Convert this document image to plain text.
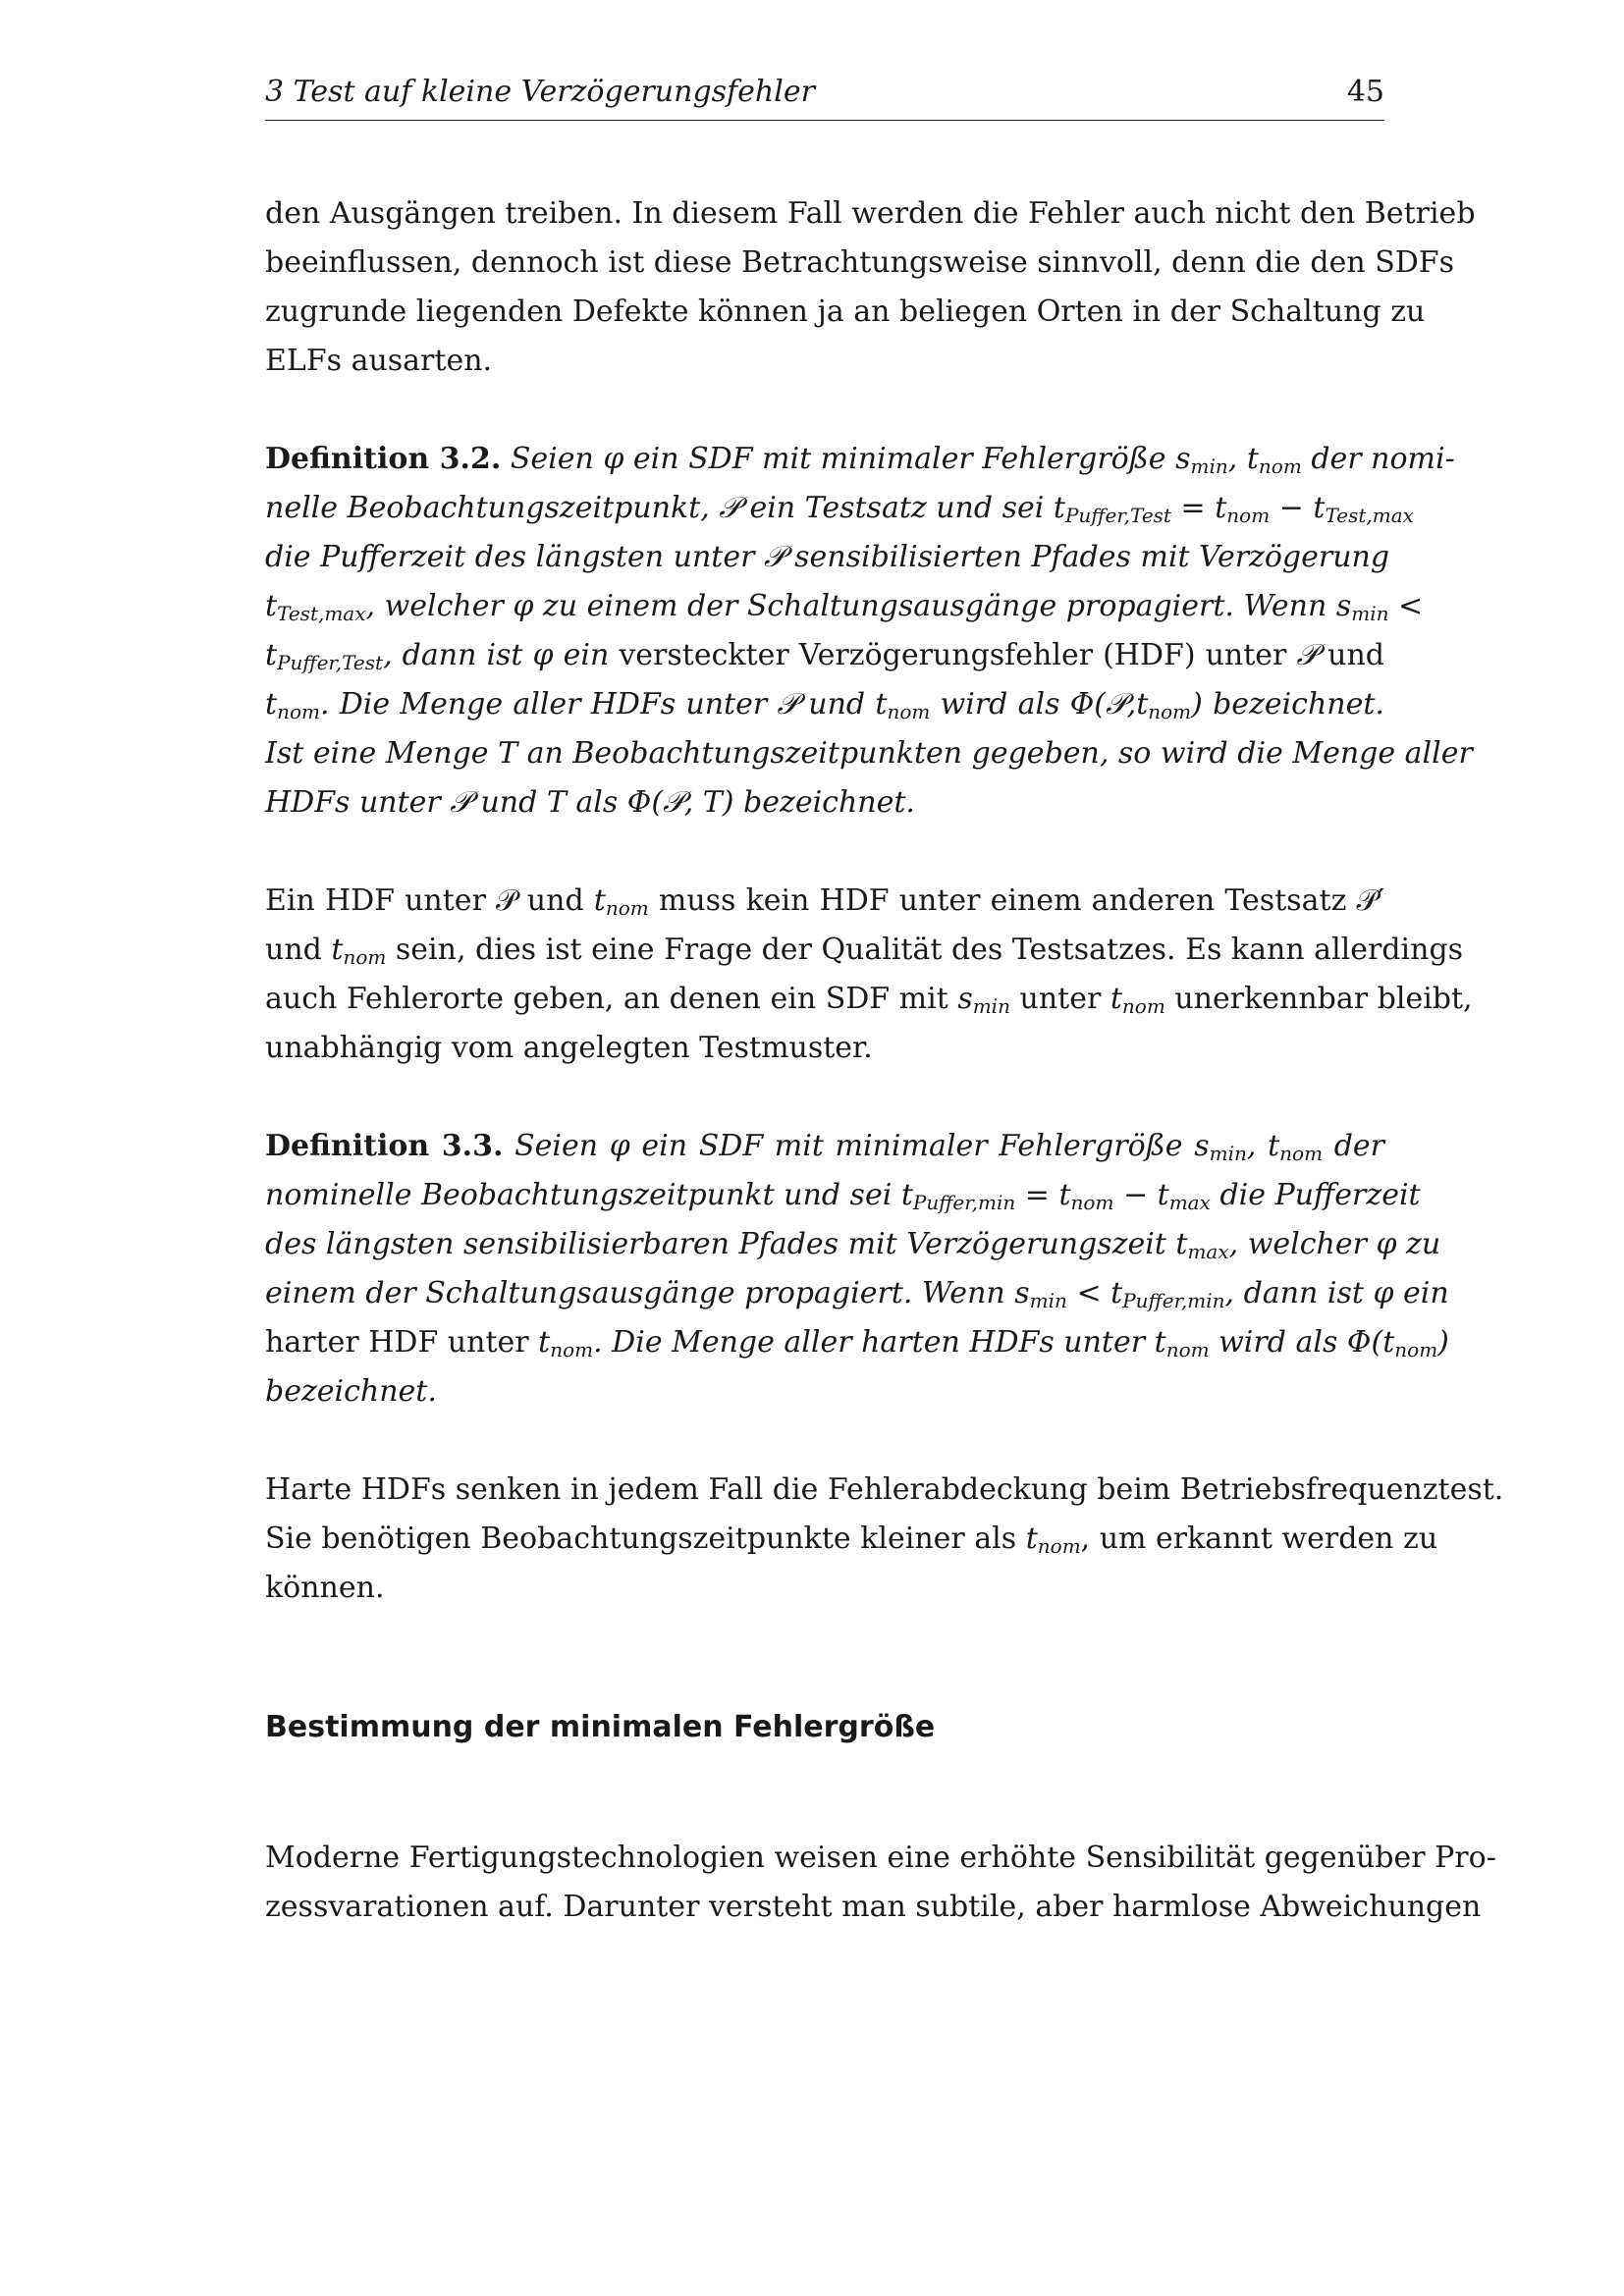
3 Test auf kleine Verzögerungsfehler	45
den Ausgängen treiben. In diesem Fall werden die Fehler auch nicht den Betrieb
beeinflussen, dennoch ist diese Betrachtungsweise sinnvoll, denn die den SDFs
zugrunde liegenden Defekte können ja an beliegen Orten in der Schaltung zu
ELFs ausarten.
Definition 3.2. Seien φ ein SDF mit minimaler Fehlergröße $s_{min}$, $t_{nom}$ der nomi-
nelle Beobachtungszeitpunkt, 𝒫 ein Testsatz und sei $t_{Puffer,Test} = t_{nom} - t_{Test,max}$
die Pufferzeit des längsten unter 𝒫 sensibilisierten Pfades mit Verzögerung
$t_{Test,max}$, welcher φ zu einem der Schaltungsausgänge propagiert. Wenn $s_{min}$ <
$t_{Puffer,Test}$, dann ist φ ein versteckter Verzögerungsfehler (HDF) unter 𝒫 und
$t_{nom}$. Die Menge aller HDFs unter 𝒫 und $t_{nom}$ wird als $\Phi(𝒫,t_{nom})$ bezeichnet.
Ist eine Menge T an Beobachtungszeitpunkten gegeben, so wird die Menge aller
HDFs unter 𝒫 und T als Φ(𝒫, T) bezeichnet.
Ein HDF unter 𝒫 und $t_{nom}$ muss kein HDF unter einem anderen Testsatz 𝒫′
und $t_{nom}$ sein, dies ist eine Frage der Qualität des Testsatzes. Es kann allerdings
auch Fehlerorte geben, an denen ein SDF mit $s_{min}$ unter $t_{nom}$ unerkennbar bleibt,
unabhängig vom angelegten Testmuster.
Definition 3.3. Seien φ ein SDF mit minimaler Fehlergröße $s_{min}$, $t_{nom}$ der
nominelle Beobachtungszeitpunkt und sei $t_{Puffer,min} = t_{nom} - t_{max}$ die Pufferzeit
des längsten sensibilisierbaren Pfades mit Verzögerungszeit $t_{max}$, welcher φ zu
einem der Schaltungsausgänge propagiert. Wenn $s_{min} < t_{Puffer,min}$, dann ist φ ein
harter HDF unter $t_{nom}$. Die Menge aller harten HDFs unter $t_{nom}$ wird als $\Phi(t_{nom})$
bezeichnet.
Harte HDFs senken in jedem Fall die Fehlerabdeckung beim Betriebsfrequenztest.
Sie benötigen Beobachtungszeitpunkte kleiner als $t_{nom}$, um erkannt werden zu
können.
Bestimmung der minimalen Fehlergröße
Moderne Fertigungstechnologien weisen eine erhöhte Sensibilität gegenüber Pro-
zessvarationen auf. Darunter versteht man subtile, aber harmlose Abweichungen
